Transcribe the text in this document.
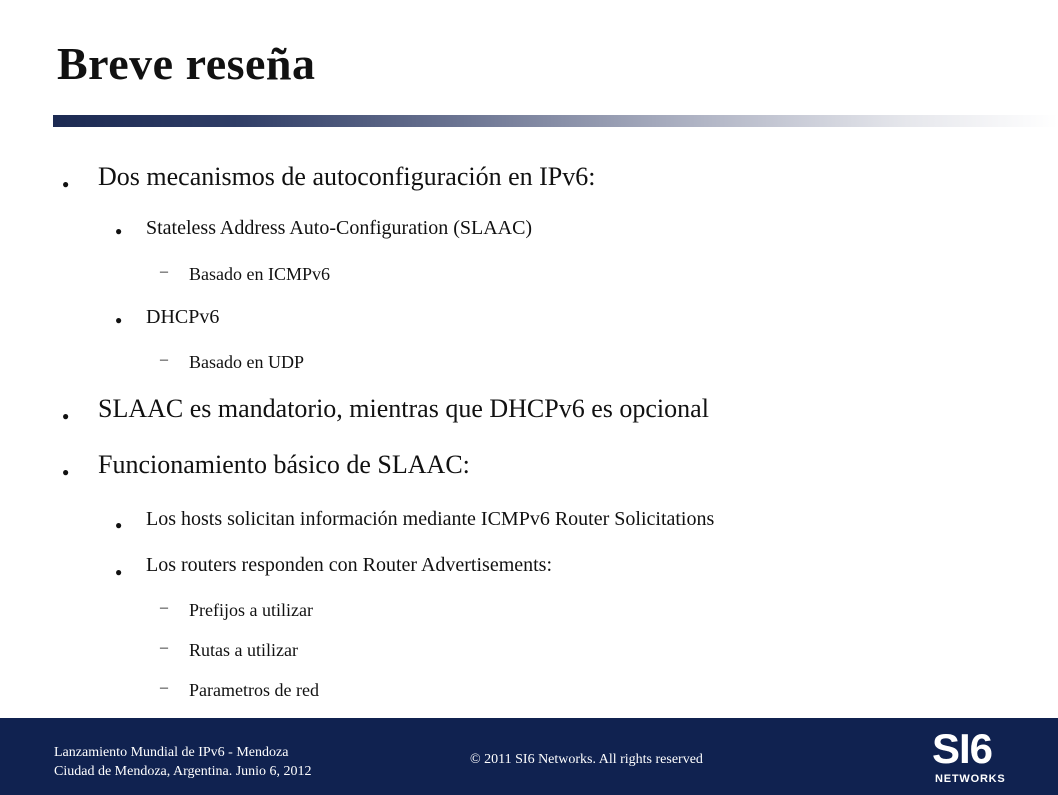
Breve reseña
● Dos mecanismos de autoconfiguración en IPv6:
● Stateless Address Auto-Configuration (SLAAC)
– Basado en ICMPv6
● DHCPv6
– Basado en UDP
● SLAAC es mandatorio, mientras que DHCPv6 es opcional
● Funcionamiento básico de SLAAC:
● Los hosts solicitan información mediante ICMPv6 Router Solicitations
● Los routers responden con Router Advertisements:
– Prefijos a utilizar
– Rutas a utilizar
– Parametros de red
Lanzamiento Mundial de IPv6 - Mendoza
Ciudad de Mendoza, Argentina. Junio 6, 2012
© 2011 SI6 Networks. All rights reserved	SI6
NETWORKS
